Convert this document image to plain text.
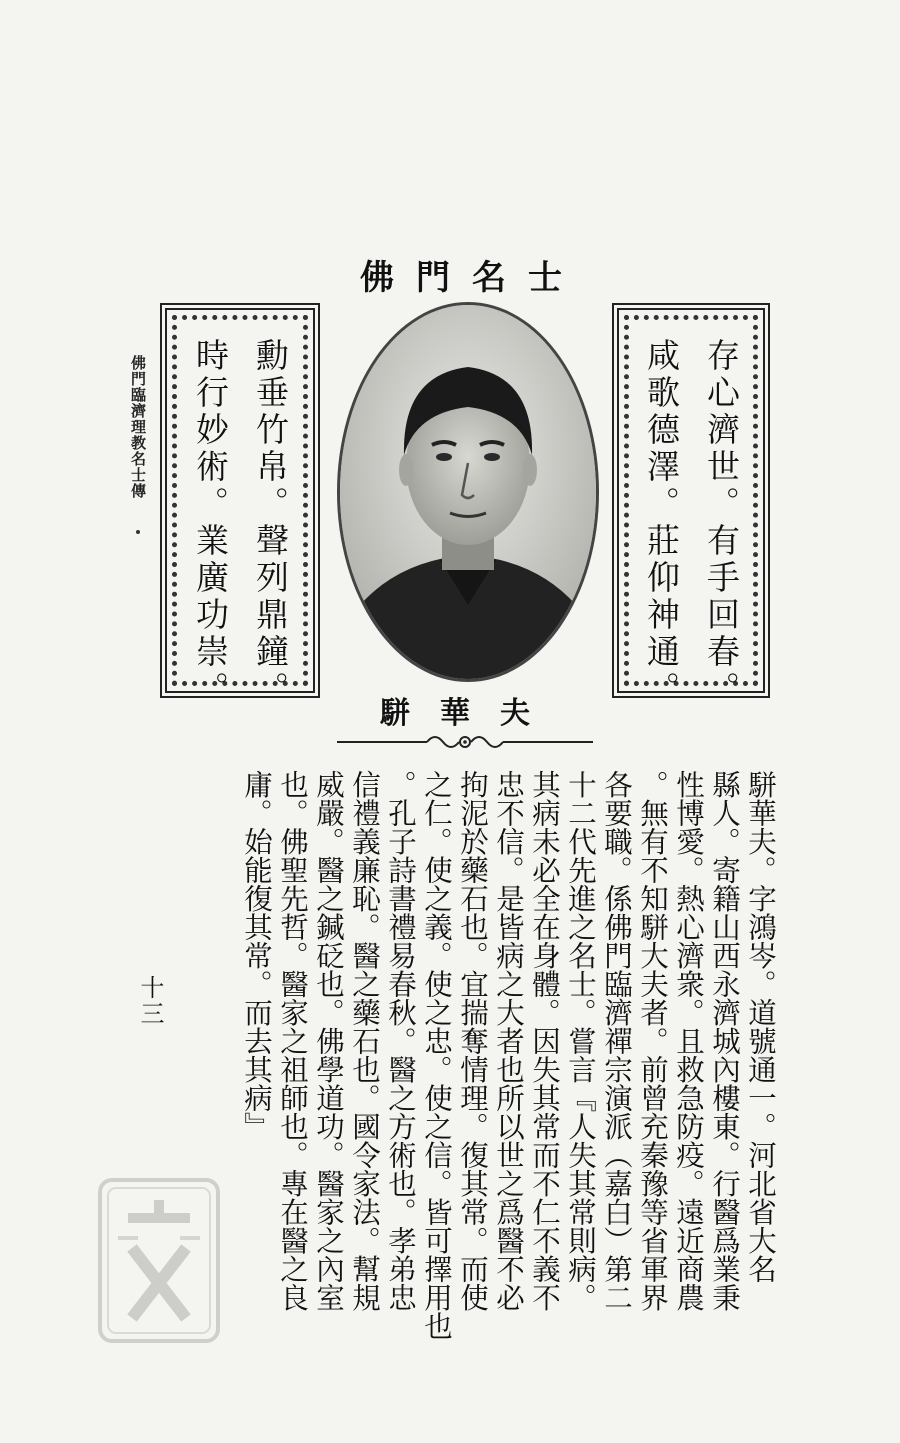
佛門臨濟理教名士傳
佛門名士
存心濟世。有手回春。
咸歌德澤。莊仰神通。
勳垂竹帛。聲列鼎鐘。
時行妙術。業廣功崇。
駢華夫
駢華夫。字鴻岑。道號通一。河北省大名
縣人。寄籍山西永濟城內樓東。行醫爲業秉
性博愛。熱心濟衆。且救急防疫。遠近商農
。無有不知駢大夫者。前曾充秦豫等省軍界
各要職。係佛門臨濟禪宗演派（嘉白）第二
十二代先進之名士。嘗言『人失其常則病。
其病未必全在身體。因失其常而不仁不義不
忠不信。是皆病之大者也所以世之爲醫不必
拘泥於藥石也。宜揣奪情理。復其常。而使
之仁。使之義。使之忠。使之信。皆可擇用也
。孔子詩書禮易春秋。醫之方術也。孝弟忠
信禮義廉恥。醫之藥石也。國令家法。幫規
威嚴。醫之鍼砭也。佛學道功。醫家之內室
也。佛聖先哲。醫家之祖師也。專在醫之良
庸。始能復其常。而去其病』
十三
